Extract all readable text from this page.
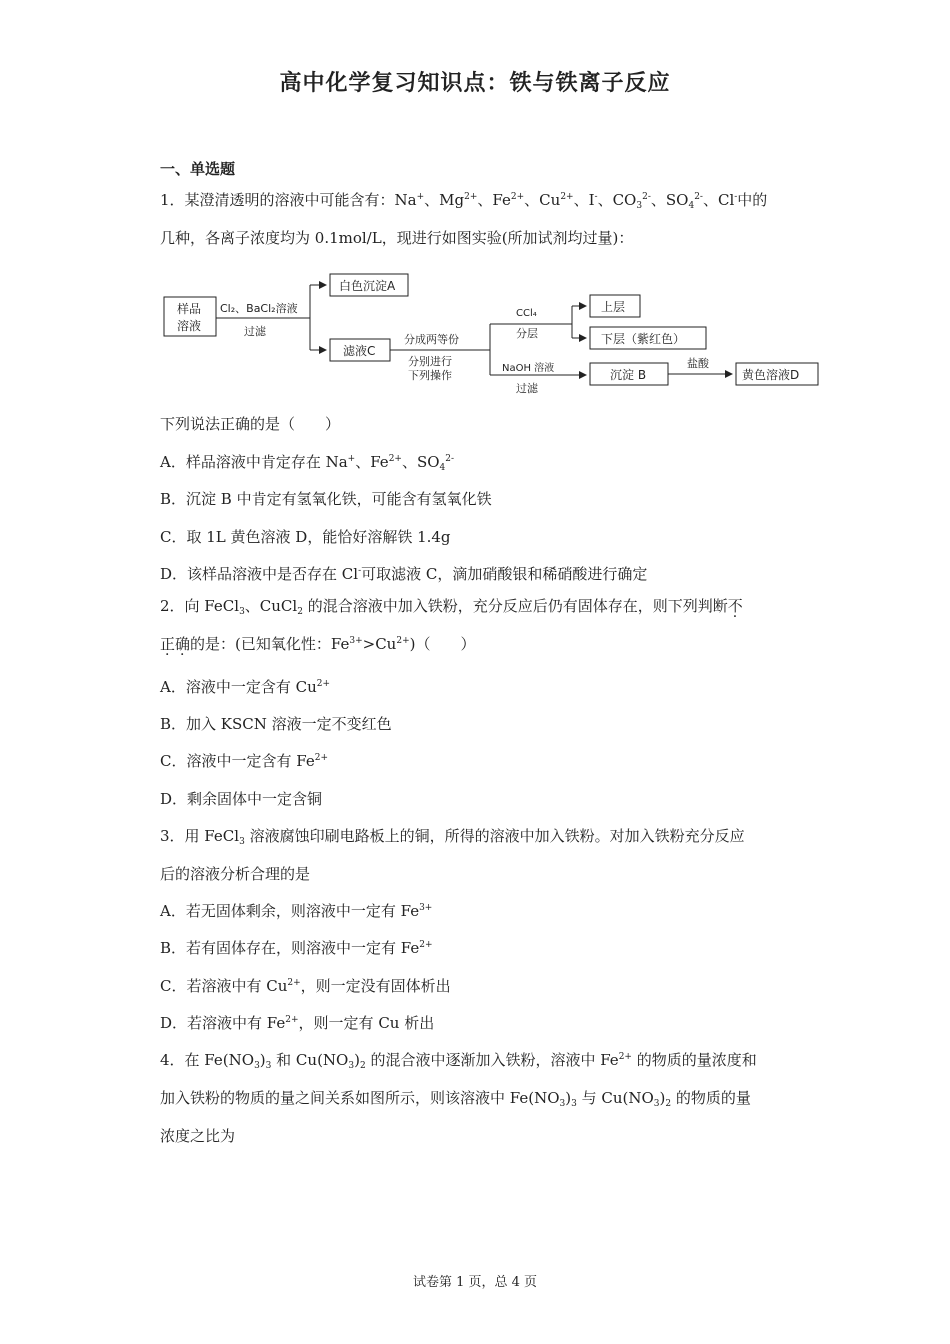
高中化学复习知识点：铁与铁离子反应
一、单选题
1．某澄清透明的溶液中可能含有：Na+、$Mg^{2+}$、$Fe^{2+}$、$Cu^{2+}$、I-、$CO_3^{2-}$、$SO_4^{2-}$、Cl-中的
几种，各离子浓度均为 0.1mol/L，现进行如图实验(所加试剂均过量)：
样品
溶液
Cl₂、BaCl₂溶液
过滤
白色沉淀A
滤液C
分成两等份
分别进行
下列操作
CCl₄
分层
NaOH 溶液
过滤
上层
下层（紫红色）
沉淀 B
盐酸
黄色溶液D
下列说法正确的是（　　）
A．样品溶液中肯定存在 Na+、$Fe^{2+}$、$SO_4^{2-}$
B．沉淀 B 中肯定有氢氧化铁，可能含有氢氧化铁
C．取 1L 黄色溶液 D，能恰好溶解铁 1.4g
D．该样品溶液中是否存在 Cl-可取滤液 C，滴加硝酸银和稀硝酸进行确定
2．向 FeCl$_3$、CuCl$_2$ 的混合溶液中加入铁粉，充分反应后仍有固体存在，则下列判断不
正确的是：(已知氧化性：$Fe^{3+}>Cu^{2+}$)（　　）
A．溶液中一定含有 $Cu^{2+}$
B．加入 KSCN 溶液一定不变红色
C．溶液中一定含有 $Fe^{2+}$
D．剩余固体中一定含铜
3．用 FeCl$_3$ 溶液腐蚀印刷电路板上的铜，所得的溶液中加入铁粉。对加入铁粉充分反应
后的溶液分析合理的是
A．若无固体剩余，则溶液中一定有 $Fe^{3+}$
B．若有固体存在，则溶液中一定有 $Fe^{2+}$
C．若溶液中有 $Cu^{2+}$，则一定没有固体析出
D．若溶液中有 $Fe^{2+}$，则一定有 Cu 析出
4．在 $Fe(NO_3)_3$ 和 $Cu(NO_3)_2$ 的混合液中逐渐加入铁粉，溶液中 $Fe^{2+}$ 的物质的量浓度和
加入铁粉的物质的量之间关系如图所示，则该溶液中 $Fe(NO_3)_3$ 与 $Cu(NO_3)_2$ 的物质的量
浓度之比为
试卷第 1 页，总 4 页
